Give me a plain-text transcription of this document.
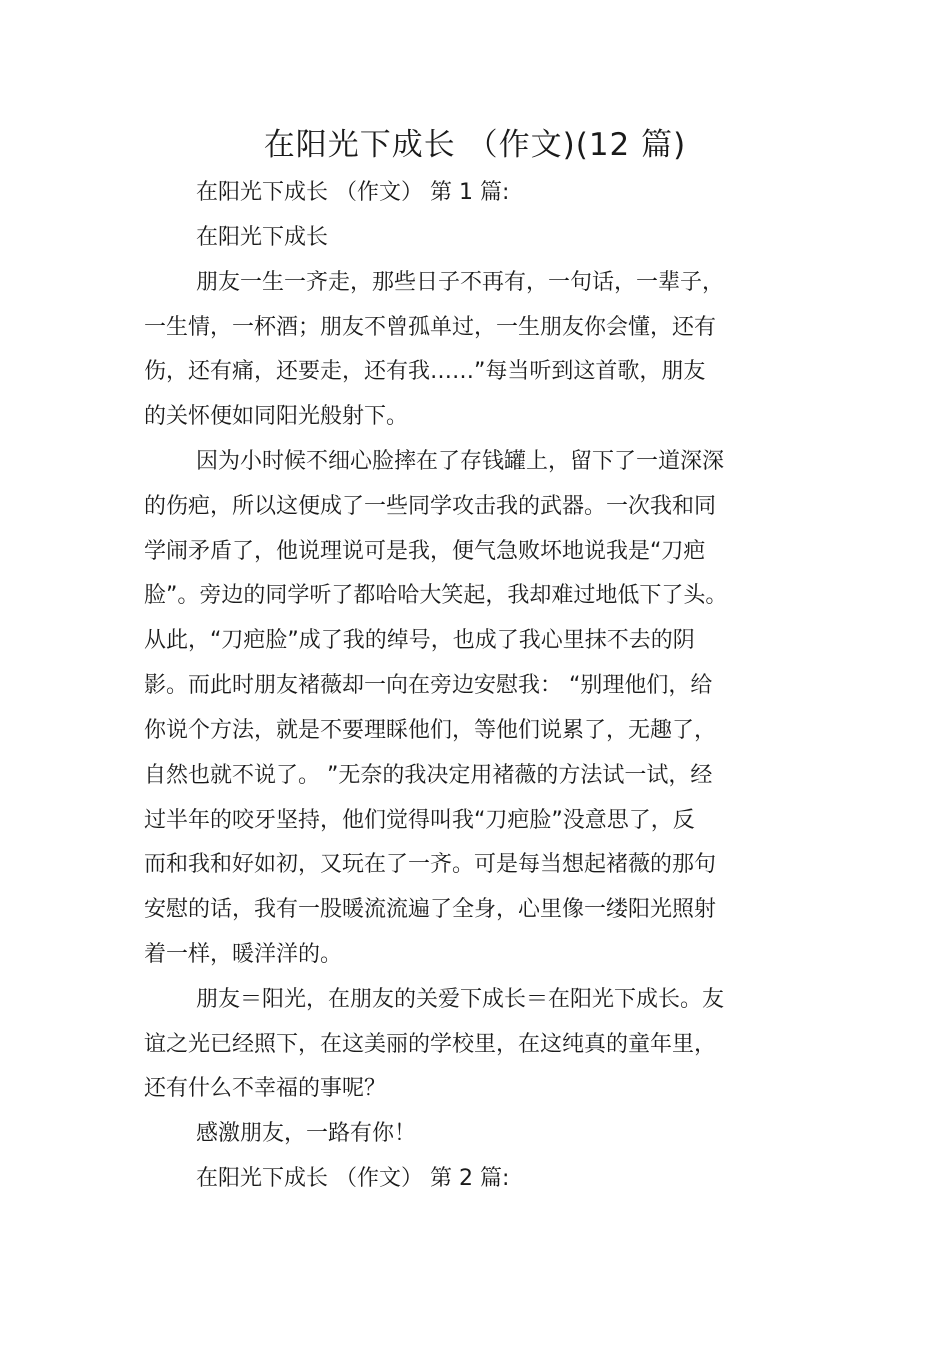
在阳光下成长 （作文)(12 篇)
在阳光下成长 （作文） 第 1 篇:
在阳光下成长
朋友一生一齐走，那些日子不再有，一句话，一辈子，
一生情，一杯酒；朋友不曾孤单过，一生朋友你会懂，还有
伤，还有痛，还要走，还有我……”每当听到这首歌，朋友
的关怀便如同阳光般射下。
因为小时候不细心脸摔在了存钱罐上，留下了一道深深
的伤疤，所以这便成了一些同学攻击我的武器。一次我和同
学闹矛盾了，他说理说可是我，便气急败坏地说我是“刀疤
脸”。旁边的同学听了都哈哈大笑起，我却难过地低下了头。
从此，“刀疤脸”成了我的绰号，也成了我心里抹不去的阴
影。而此时朋友褚薇却一向在旁边安慰我： “别理他们，给
你说个方法，就是不要理睬他们，等他们说累了，无趣了，
自然也就不说了。 ”无奈的我决定用褚薇的方法试一试，经
过半年的咬牙坚持，他们觉得叫我“刀疤脸”没意思了，反
而和我和好如初，又玩在了一齐。可是每当想起褚薇的那句
安慰的话，我有一股暖流流遍了全身，心里像一缕阳光照射
着一样，暖洋洋的。
朋友＝阳光，在朋友的关爱下成长＝在阳光下成长。友
谊之光已经照下，在这美丽的学校里，在这纯真的童年里，
还有什么不幸福的事呢？
感激朋友，一路有你！
在阳光下成长 （作文） 第 2 篇:
